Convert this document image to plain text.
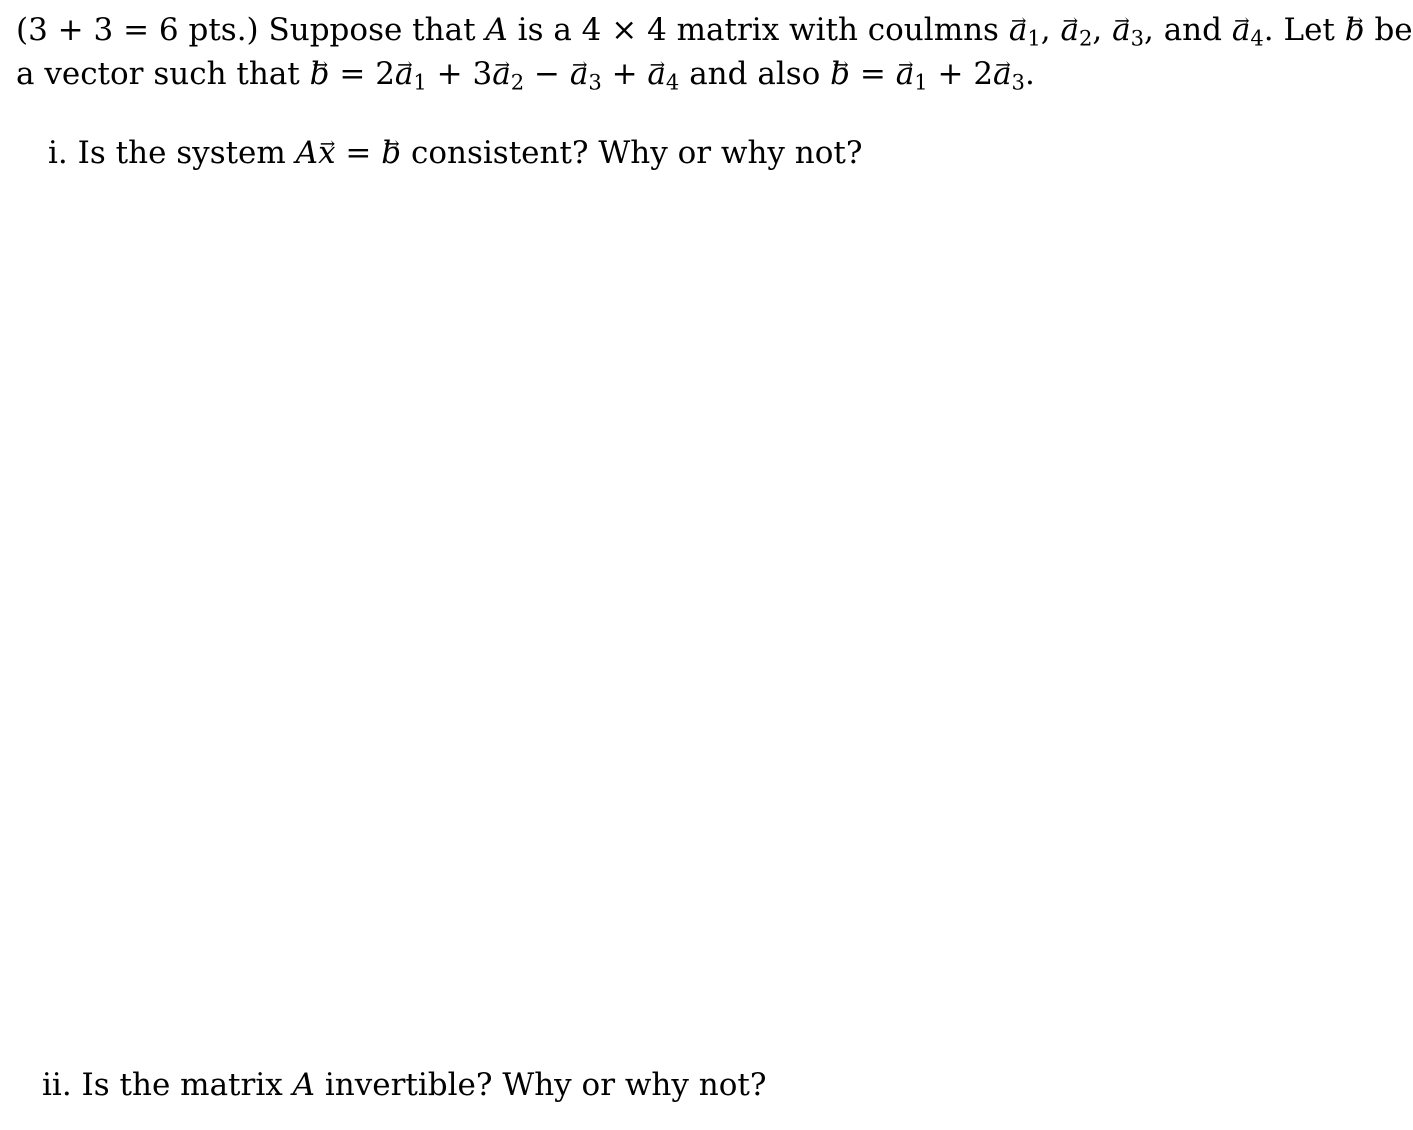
(3 + 3 = 6 pts.) Suppose that A is a 4 × 4 matrix with coulmns → $a_1$, → $a_2$, → $a_3$, and → $a_4$. Let → b be
a vector such that → $b = 2\to a_1 + 3\to a_2$ − → $a_3$ + → $a_4$ and also → b = → $a_1 + 2\to a_3$.
i. Is the system A→ x = → b consistent? Why or why not?
ii. Is the matrix A invertible? Why or why not?
